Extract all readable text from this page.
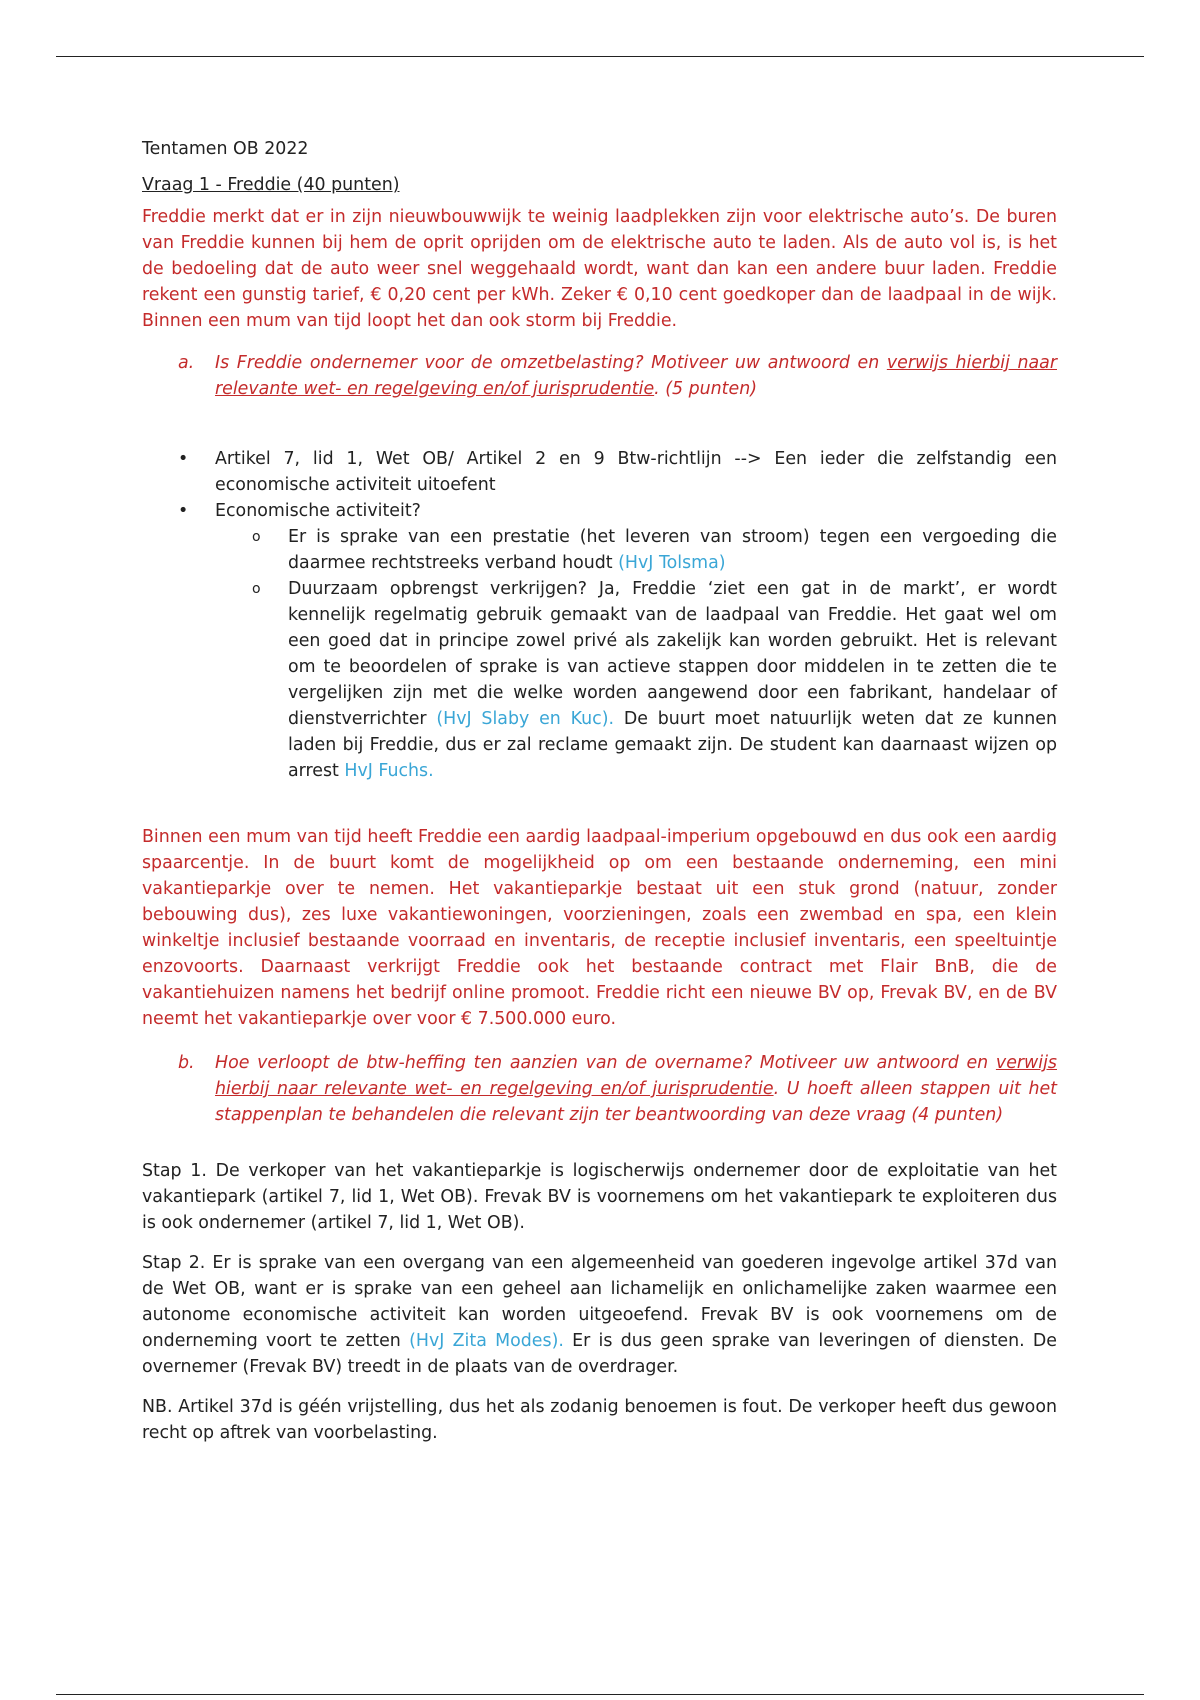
Tentamen OB 2022

Vraag 1 - Freddie (40 punten)

Freddie merkt dat er in zijn nieuwbouwwijk te weinig laadplekken zijn voor elektrische auto’s. De buren van Freddie kunnen bij hem de oprit oprijden om de elektrische auto te laden. Als de auto vol is, is het de bedoeling dat de auto weer snel weggehaald wordt, want dan kan een andere buur laden. Freddie rekent een gunstig tarief, € 0,20 cent per kWh. Zeker € 0,10 cent goedkoper dan de laadpaal in de wijk. Binnen een mum van tijd loopt het dan ook storm bij Freddie.

a. Is Freddie ondernemer voor de omzetbelasting? Motiveer uw antwoord en verwijs hierbij naar relevante wet- en regelgeving en/of jurisprudentie. (5 punten)
• Artikel 7, lid 1, Wet OB/ Artikel 2 en 9 Btw-richtlijn --> Een ieder die zelfstandig een economische activiteit uitoefent
• Economische activiteit?
o Er is sprake van een prestatie (het leveren van stroom) tegen een vergoeding die daarmee rechtstreeks verband houdt (HvJ Tolsma)
o Duurzaam opbrengst verkrijgen? Ja, Freddie ‘ziet een gat in de markt’, er wordt kennelijk regelmatig gebruik gemaakt van de laadpaal van Freddie. Het gaat wel om een goed dat in principe zowel privé als zakelijk kan worden gebruikt. Het is relevant om te beoordelen of sprake is van actieve stappen door middelen in te zetten die te vergelijken zijn met die welke worden aangewend door een fabrikant, handelaar of dienstverrichter (HvJ Slaby en Kuc). De buurt moet natuurlijk weten dat ze kunnen laden bij Freddie, dus er zal reclame gemaakt zijn. De student kan daarnaast wijzen op arrest HvJ Fuchs.

Binnen een mum van tijd heeft Freddie een aardig laadpaal-imperium opgebouwd en dus ook een aardig spaarcentje. In de buurt komt de mogelijkheid op om een bestaande onderneming, een mini vakantieparkje over te nemen. Het vakantieparkje bestaat uit een stuk grond (natuur, zonder bebouwing dus), zes luxe vakantiewoningen, voorzieningen, zoals een zwembad en spa, een klein winkeltje inclusief bestaande voorraad en inventaris, de receptie inclusief inventaris, een speeltuintje enzovoorts. Daarnaast verkrijgt Freddie ook het bestaande contract met Flair BnB, die de vakantiehuizen namens het bedrijf online promoot. Freddie richt een nieuwe BV op, Frevak BV, en de BV neemt het vakantieparkje over voor € 7.500.000 euro.

b. Hoe verloopt de btw-heffing ten aanzien van de overname? Motiveer uw antwoord en verwijs hierbij naar relevante wet- en regelgeving en/of jurisprudentie. U hoeft alleen stappen uit het stappenplan te behandelen die relevant zijn ter beantwoording van deze vraag (4 punten)

Stap 1. De verkoper van het vakantieparkje is logischerwijs ondernemer door de exploitatie van het vakantiepark (artikel 7, lid 1, Wet OB). Frevak BV is voornemens om het vakantiepark te exploiteren dus is ook ondernemer (artikel 7, lid 1, Wet OB).

Stap 2. Er is sprake van een overgang van een algemeenheid van goederen ingevolge artikel 37d van de Wet OB, want er is sprake van een geheel aan lichamelijk en onlichamelijke zaken waarmee een autonome economische activiteit kan worden uitgeoefend. Frevak BV is ook voornemens om de onderneming voort te zetten (HvJ Zita Modes). Er is dus geen sprake van leveringen of diensten. De overnemer (Frevak BV) treedt in de plaats van de overdrager.

NB. Artikel 37d is géén vrijstelling, dus het als zodanig benoemen is fout. De verkoper heeft dus gewoon recht op aftrek van voorbelasting.
